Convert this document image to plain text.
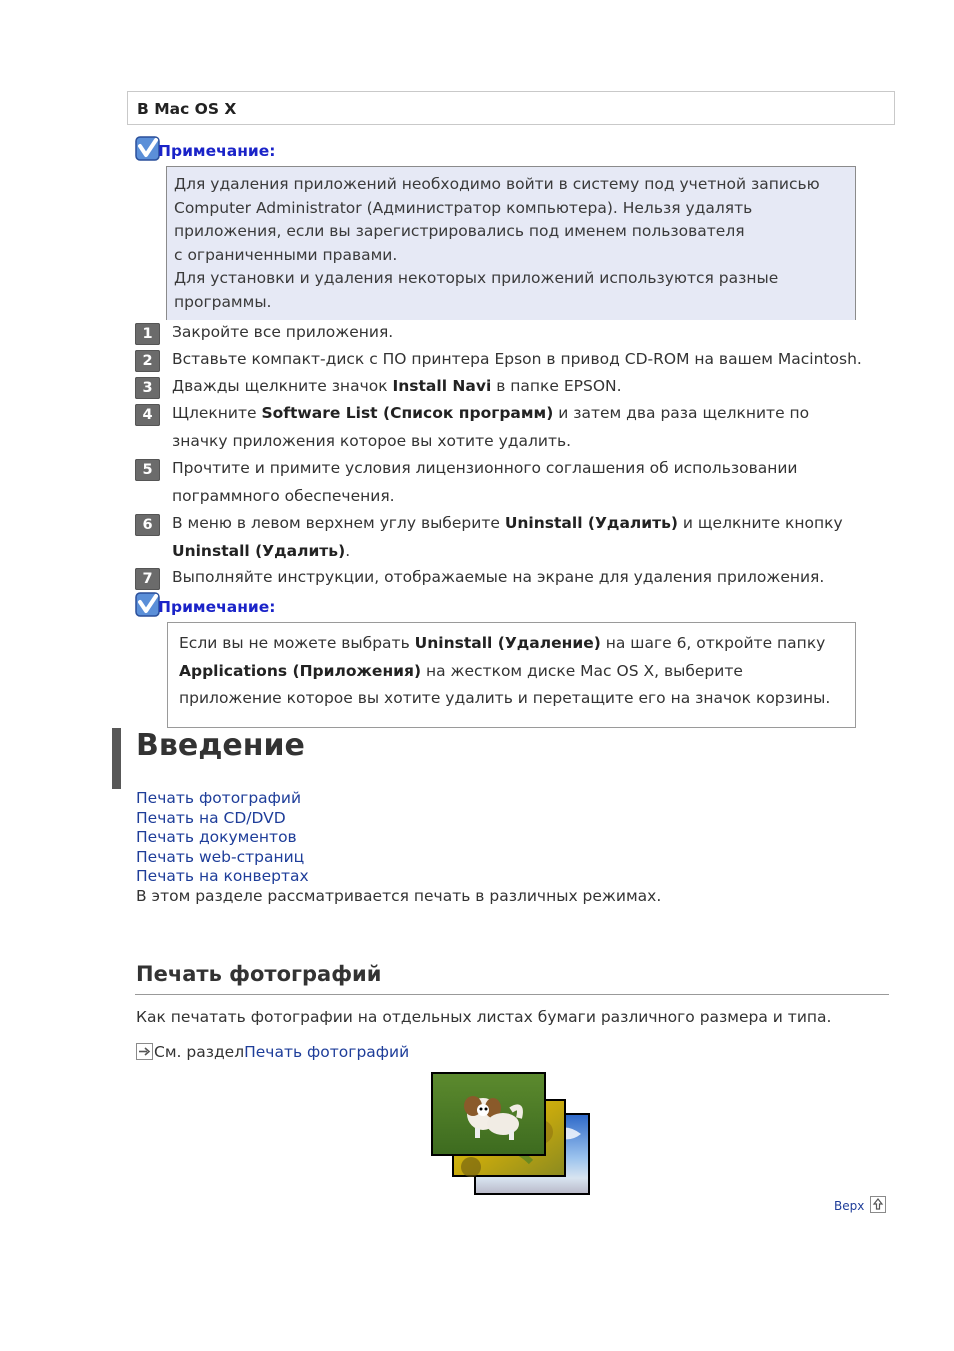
В Mac OS X
Примечание:
Для удаления приложений необходимо войти в систему под учетной записью
Computer Administrator (Администратор компьютера). Нельзя удалять
приложения, если вы зарегистрировались под именем пользователя
с ограниченными правами.
Для установки и удаления некоторых приложений используются разные
программы.
1	Закройте все приложения.
2	Вставьте компакт-диск с ПО принтера Epson в привод CD-ROM на вашем Macintosh.
3	Дважды щелкните значок Install Navi в папке EPSON.
4	Щлекните Software List (Список программ) и затем два раза щелкните по
значку приложения которое вы хотите удалить.
5	Прочтите и примите условия лицензионного соглашения об использовании
пограммного обеспечения.
6	В меню в левом верхнем углу выберите Uninstall (Удалить) и щелкните кнопку
Uninstall (Удалить).
7	Выполняйте инструкции, отображаемые на экране для удаления приложения.
Примечание:
Если вы не можете выбрать Uninstall (Удаление) на шаге 6, откройте папку
Applications (Приложения) на жестком диске Mac OS X, выберите
приложение которое вы хотите удалить и перетащите его на значок корзины.
Введение
Печать фотографий
Печать на CD/DVD
Печать документов
Печать web-страниц
Печать на конвертах
В этом разделе рассматривается печать в различных режимах.
Печать фотографий
Как печатать фотографии на отдельных листах бумаги различного размера и типа.
См. раздел Печать фотографий
Верх
